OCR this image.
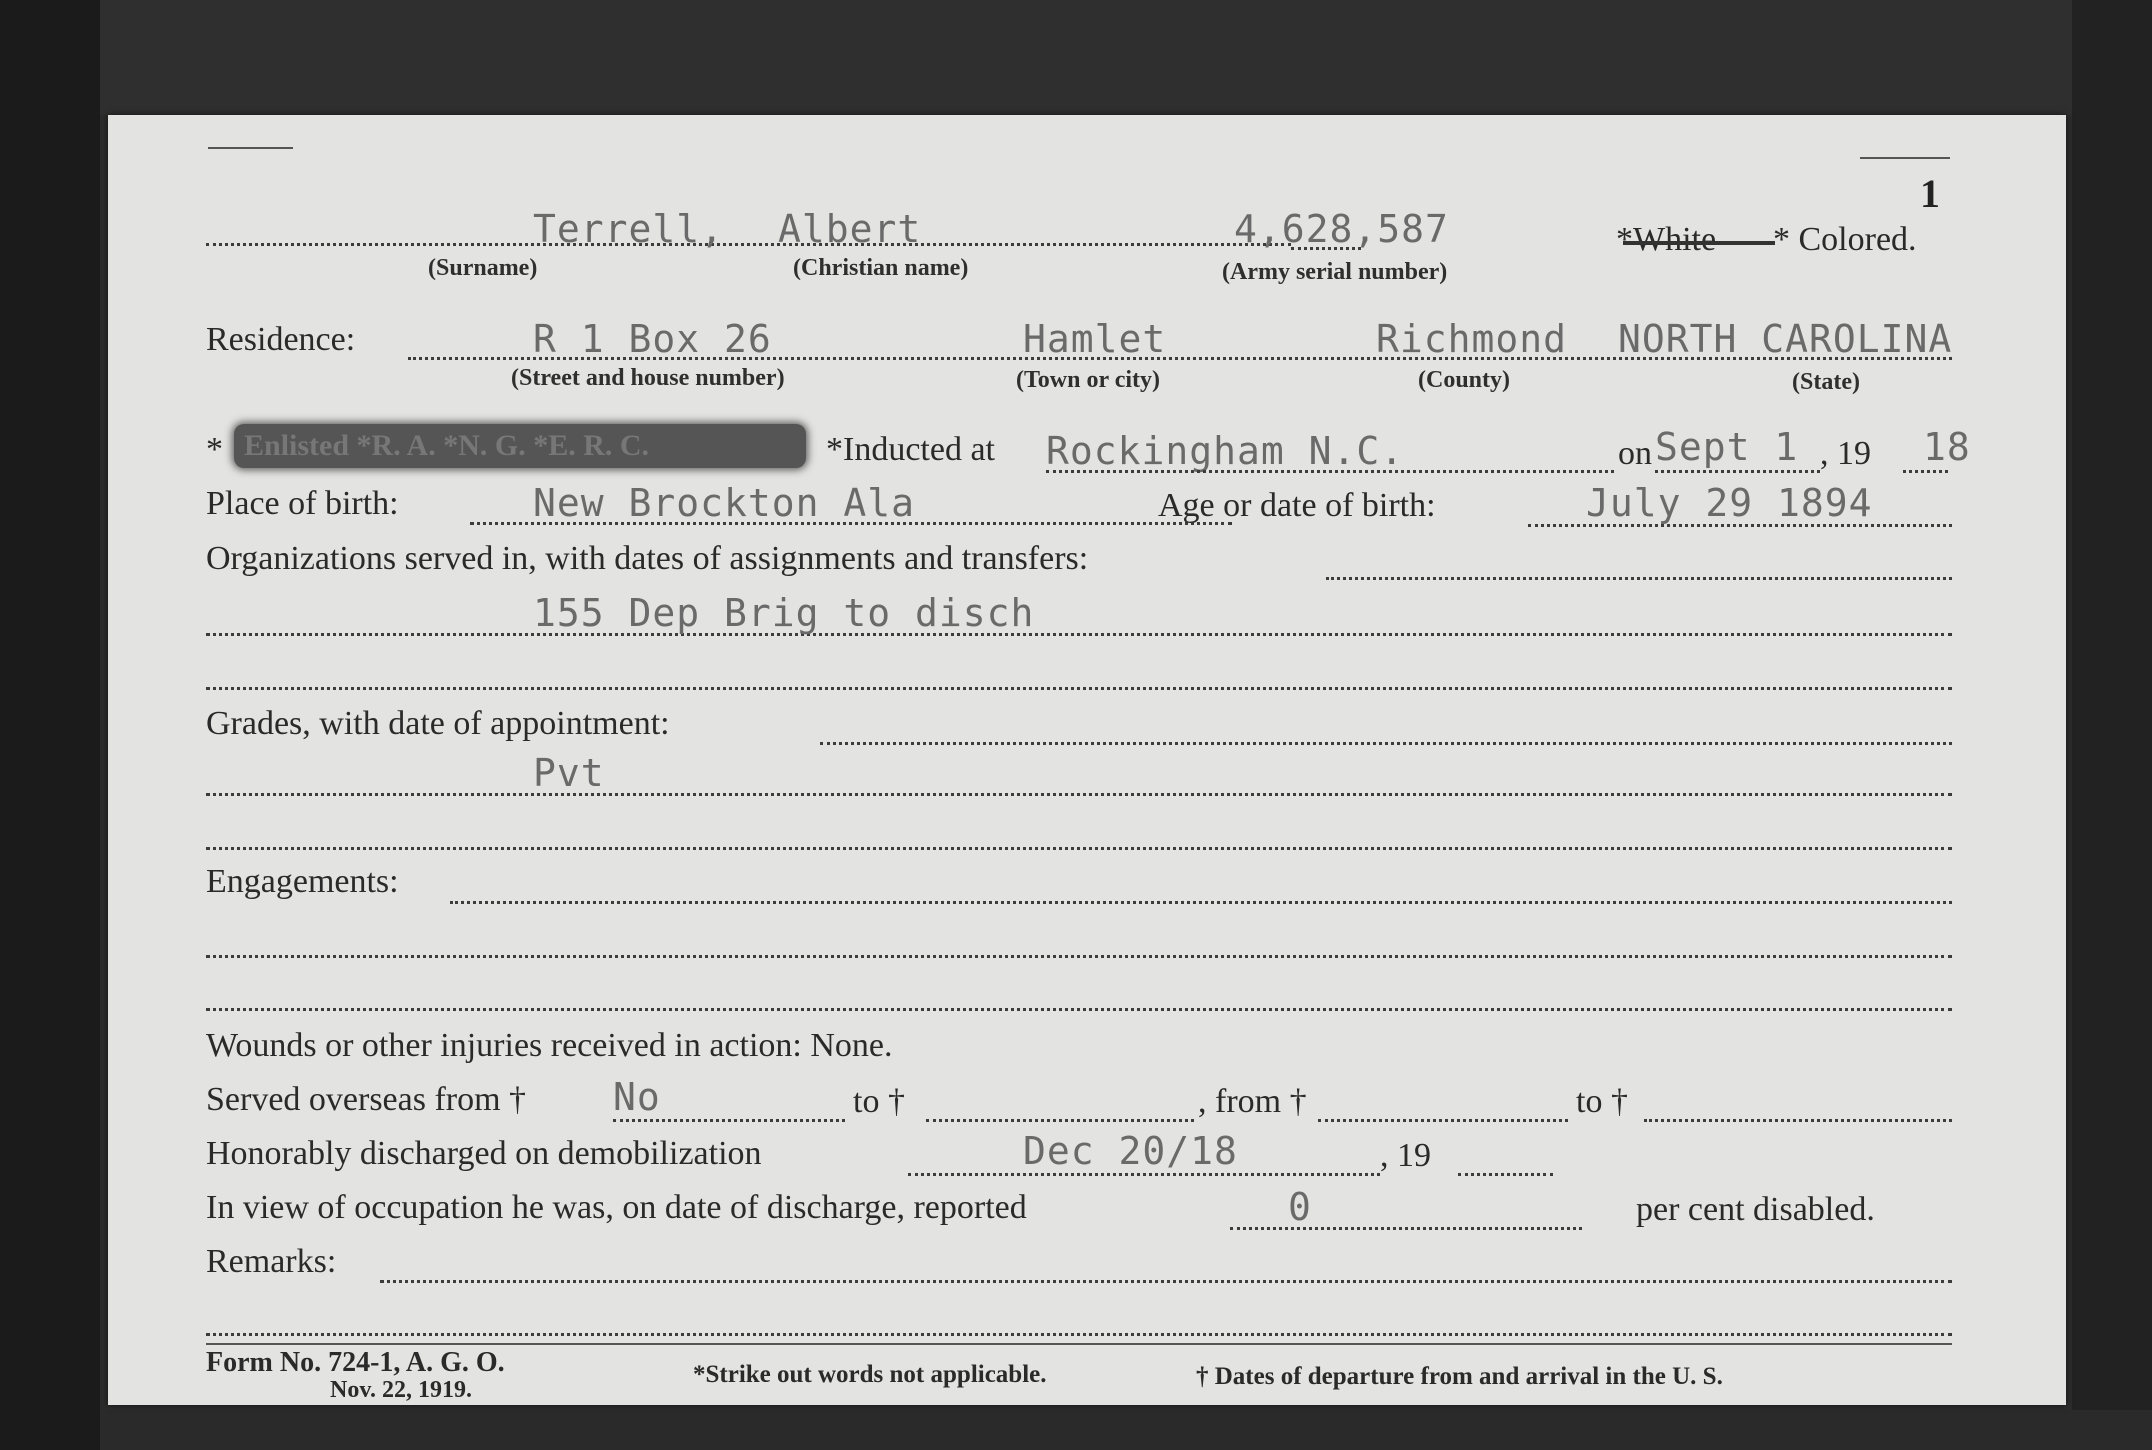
1
Terrell, Albert	4,628,587	*White * Colored.
(Surname)	(Christian name)	(Army serial number)
Residence:	R 1 Box 26	Hamlet	Richmond NORTH CAROLINA
(Street and house number)	(Town or city)	(County)	(State)
* Enlisted *R. A. *N. G. *E. R. C.	*Inducted at Rockingham N.C.	on Sept 1 , 19 18
Place of birth:	New Brockton Ala	Age or date of birth:	July 29 1894
Organizations served in, with dates of assignments and transfers:
155 Dep Brig to disch
Grades, with date of appointment:
Pvt
Engagements:
Wounds or other injuries received in action: None.
Served overseas from † No	to †	, from †	to †
Honorably discharged on demobilization	Dec 20/18	, 19
In view of occupation he was, on date of discharge, reported	0	per cent disabled.
Remarks:
Form No. 724-1, A. G. O.
Nov. 22, 1919.
*Strike out words not applicable.	† Dates of departure from and arrival in the U. S.
